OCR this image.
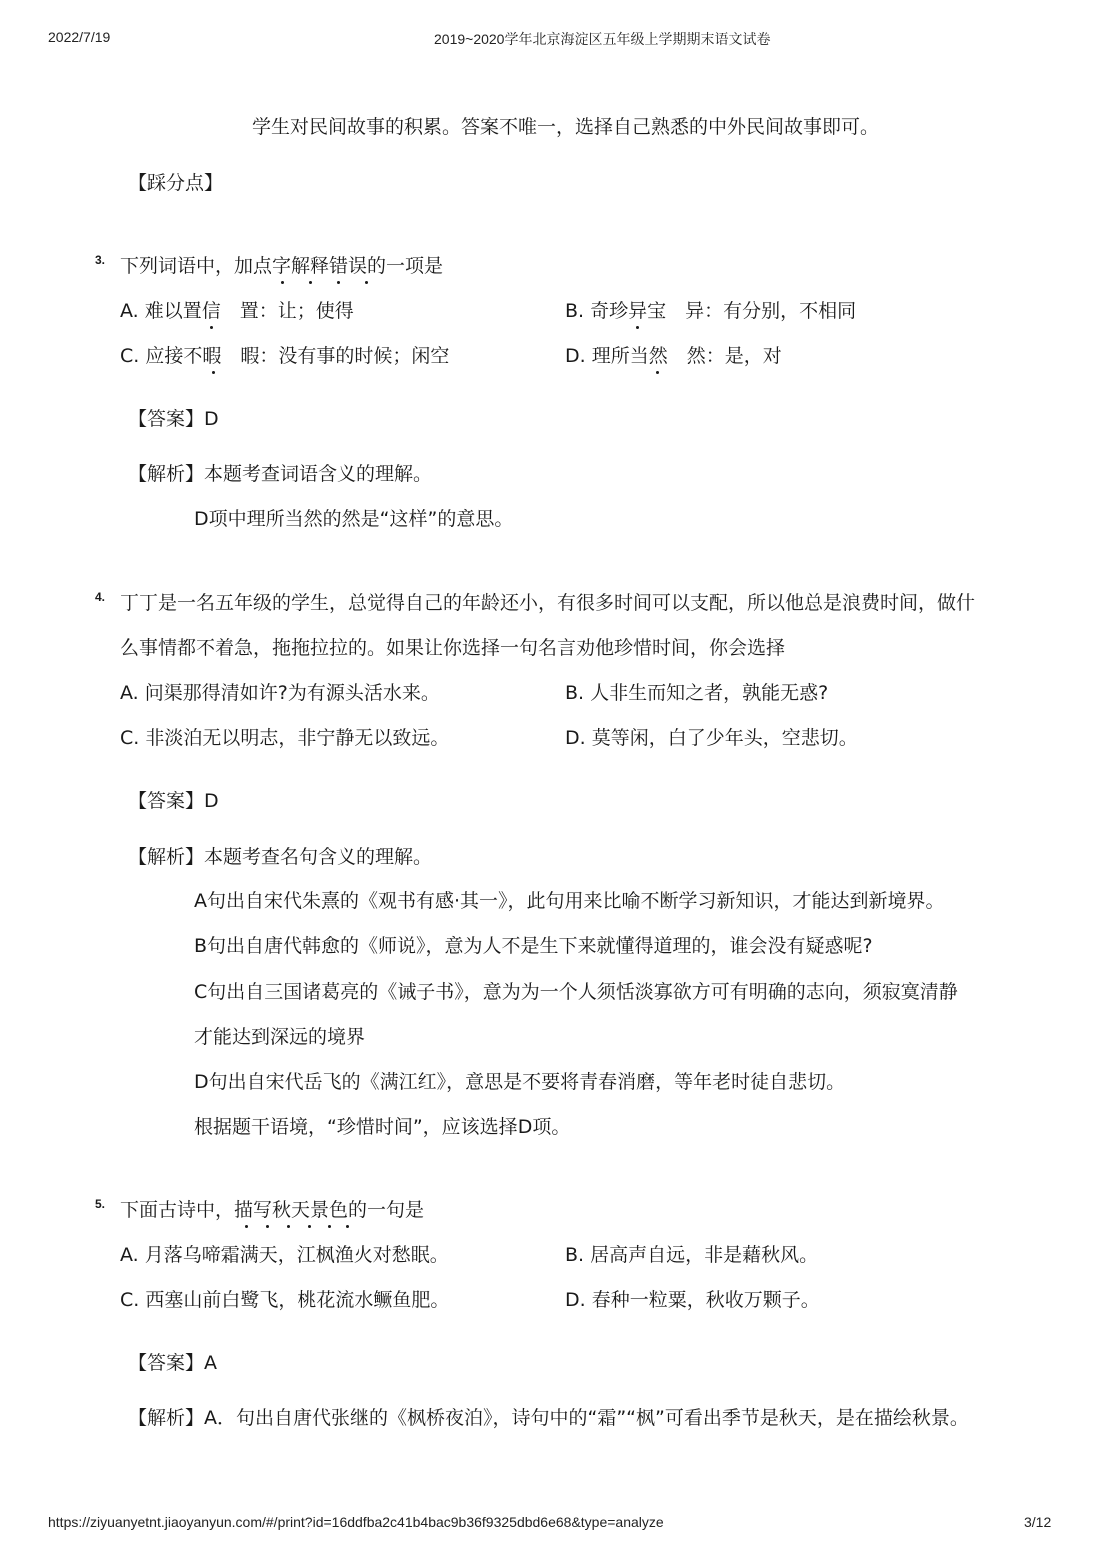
2022/7/19	2019~2020学年北京海淀区五年级上学期期末语文试卷
学生对民间故事的积累。答案不唯一，选择自己熟悉的中外民间故事即可。
【踩分点】
3. 下列词语中，加点字解释错误的一项是
A. 难以置信　置：让；使得	B. 奇珍异宝　异：有分别，不相同
C. 应接不暇　暇：没有事的时候；闲空	D. 理所当然　然：是，对
【答案】D
【解析】本题考查词语含义的理解。
D项中理所当然的然是“这样”的意思。
4. 丁丁是一名五年级的学生，总觉得自己的年龄还小，有很多时间可以支配，所以他总是浪费时间，做什
么事情都不着急，拖拖拉拉的。如果让你选择一句名言劝他珍惜时间，你会选择
A. 问渠那得清如许?为有源头活水来。	B. 人非生而知之者，孰能无惑?
C. 非淡泊无以明志，非宁静无以致远。	D. 莫等闲，白了少年头，空悲切。
【答案】D
【解析】本题考查名句含义的理解。
A句出自宋代朱熹的《观书有感·其一》，此句用来比喻不断学习新知识，才能达到新境界。
B句出自唐代韩愈的《师说》，意为人不是生下来就懂得道理的，谁会没有疑惑呢?
C句出自三国诸葛亮的《诫子书》，意为为一个人须恬淡寡欲方可有明确的志向，须寂寞清静
才能达到深远的境界
D句出自宋代岳飞的《满江红》，意思是不要将青春消磨，等年老时徒自悲切。
根据题干语境，“珍惜时间”，应该选择D项。
5. 下面古诗中，描写秋天景色的一句是
A. 月落乌啼霜满天，江枫渔火对愁眠。	B. 居高声自远，非是藉秋风。
C. 西塞山前白鹭飞，桃花流水鳜鱼肥。	D. 春种一粒粟，秋收万颗子。
【答案】A
【解析】A．句出自唐代张继的《枫桥夜泊》，诗句中的“霜”“枫”可看出季节是秋天，是在描绘秋景。
https://ziyuanyetnt.jiaoyanyun.com/#/print?id=16ddfba2c41b4bac9b36f9325dbd6e68&type=analyze	3/12
